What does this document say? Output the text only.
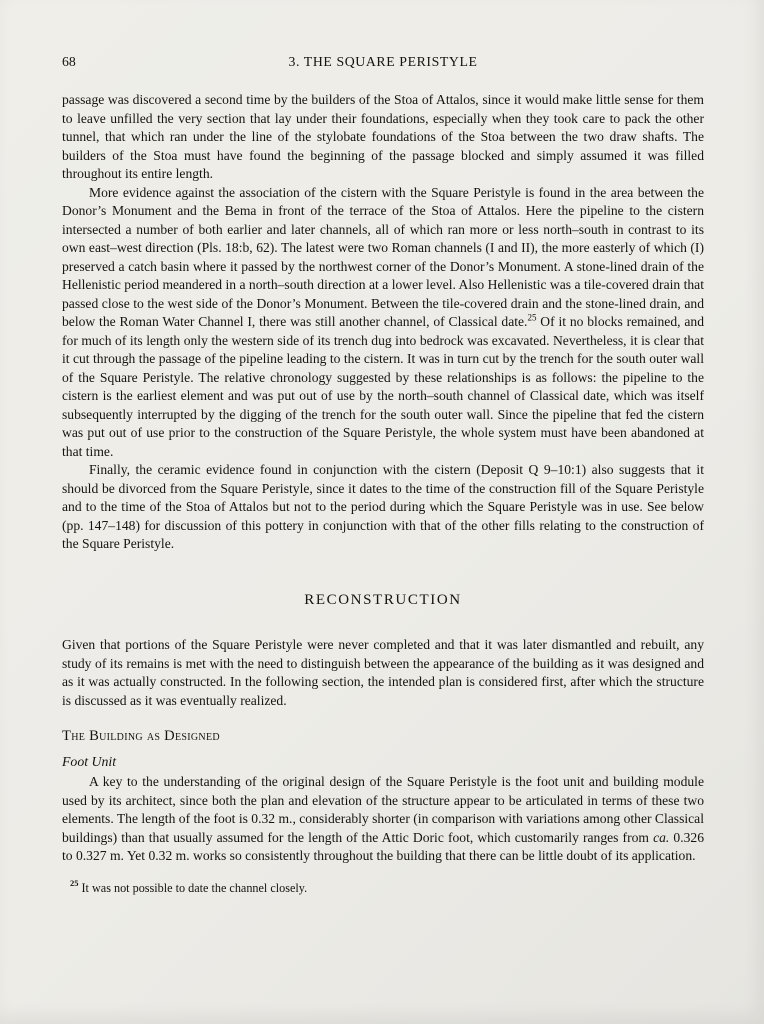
68	3. THE SQUARE PERISTYLE

passage was discovered a second time by the builders of the Stoa of Attalos, since it would make little sense for them to leave unfilled the very section that lay under their foundations, especially when they took care to pack the other tunnel, that which ran under the line of the stylobate foundations of the Stoa between the two draw shafts. The builders of the Stoa must have found the beginning of the passage blocked and simply assumed it was filled throughout its entire length.

More evidence against the association of the cistern with the Square Peristyle is found in the area between the Donor’s Monument and the Bema in front of the terrace of the Stoa of Attalos. Here the pipeline to the cistern intersected a number of both earlier and later channels, all of which ran more or less north–south in contrast to its own east–west direction (Pls. 18:b, 62). The latest were two Roman channels (I and II), the more easterly of which (I) preserved a catch basin where it passed by the northwest corner of the Donor’s Monument. A stone-lined drain of the Hellenistic period meandered in a north–south direction at a lower level. Also Hellenistic was a tile-covered drain that passed close to the west side of the Donor’s Monument. Between the tile-covered drain and the stone-lined drain, and below the Roman Water Channel I, there was still another channel, of Classical date.$^{25}$ Of it no blocks remained, and for much of its length only the western side of its trench dug into bedrock was excavated. Nevertheless, it is clear that it cut through the passage of the pipeline leading to the cistern. It was in turn cut by the trench for the south outer wall of the Square Peristyle. The relative chronology suggested by these relationships is as follows: the pipeline to the cistern is the earliest element and was put out of use by the north–south channel of Classical date, which was itself subsequently interrupted by the digging of the trench for the south outer wall. Since the pipeline that fed the cistern was put out of use prior to the construction of the Square Peristyle, the whole system must have been abandoned at that time.

Finally, the ceramic evidence found in conjunction with the cistern (Deposit Q 9–10:1) also suggests that it should be divorced from the Square Peristyle, since it dates to the time of the construction fill of the Square Peristyle and to the time of the Stoa of Attalos but not to the period during which the Square Peristyle was in use. See below (pp. 147–148) for discussion of this pottery in conjunction with that of the other fills relating to the construction of the Square Peristyle.

RECONSTRUCTION

Given that portions of the Square Peristyle were never completed and that it was later dismantled and rebuilt, any study of its remains is met with the need to distinguish between the appearance of the building as it was designed and as it was actually constructed. In the following section, the intended plan is considered first, after which the structure is discussed as it was eventually realized.

The Building as Designed
Foot Unit

A key to the understanding of the original design of the Square Peristyle is the foot unit and building module used by its architect, since both the plan and elevation of the structure appear to be articulated in terms of these two elements. The length of the foot is 0.32 m., considerably shorter (in comparison with variations among other Classical buildings) than that usually assumed for the length of the Attic Doric foot, which customarily ranges from ca. 0.326 to 0.327 m. Yet 0.32 m. works so consistently throughout the building that there can be little doubt of its application.

$^{25}$ It was not possible to date the channel closely.
